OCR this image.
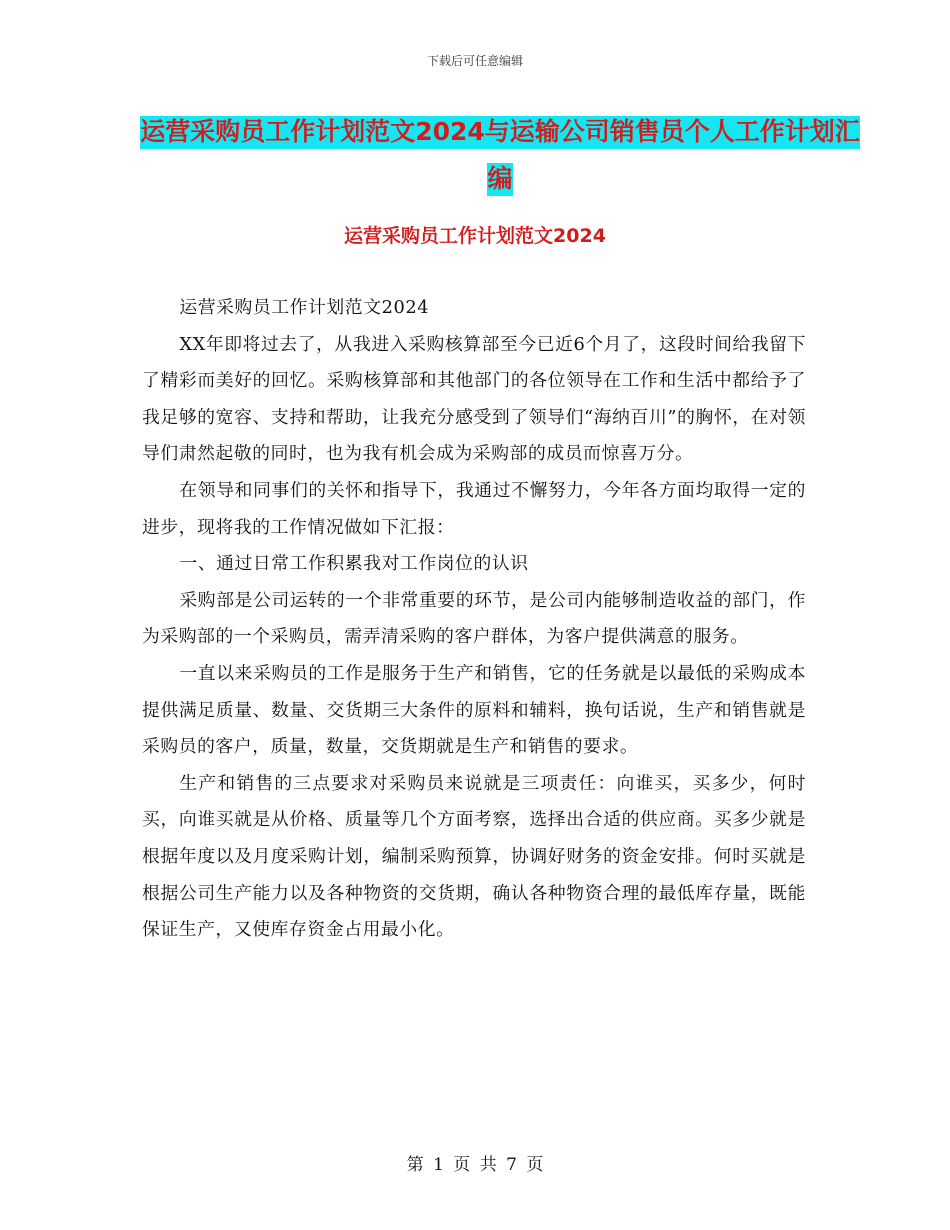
下载后可任意编辑
运营采购员工作计划范文2024与运输公司销售员个人工作计划汇编
运营采购员工作计划范文2024

运营采购员工作计划范文2024

XX年即将过去了，从我进入采购核算部至今已近6个月了，这段时间给我留下了精彩而美好的回忆。采购核算部和其他部门的各位领导在工作和生活中都给予了我足够的宽容、支持和帮助，让我充分感受到了领导们“海纳百川”的胸怀，在对领导们肃然起敬的同时，也为我有机会成为采购部的成员而惊喜万分。

在领导和同事们的关怀和指导下，我通过不懈努力，今年各方面均取得一定的进步，现将我的工作情况做如下汇报：

一、通过日常工作积累我对工作岗位的认识

采购部是公司运转的一个非常重要的环节，是公司内能够制造收益的部门，作为采购部的一个采购员，需弄清采购的客户群体，为客户提供满意的服务。

一直以来采购员的工作是服务于生产和销售，它的任务就是以最低的采购成本提供满足质量、数量、交货期三大条件的原料和辅料，换句话说，生产和销售就是采购员的客户，质量，数量，交货期就是生产和销售的要求。

生产和销售的三点要求对采购员来说就是三项责任：向谁买，买多少，何时买，向谁买就是从价格、质量等几个方面考察，选择出合适的供应商。买多少就是根据年度以及月度采购计划，编制采购预算，协调好财务的资金安排。何时买就是根据公司生产能力以及各种物资的交货期，确认各种物资合理的最低库存量，既能保证生产，又使库存资金占用最小化。

第 1 页 共 7 页
